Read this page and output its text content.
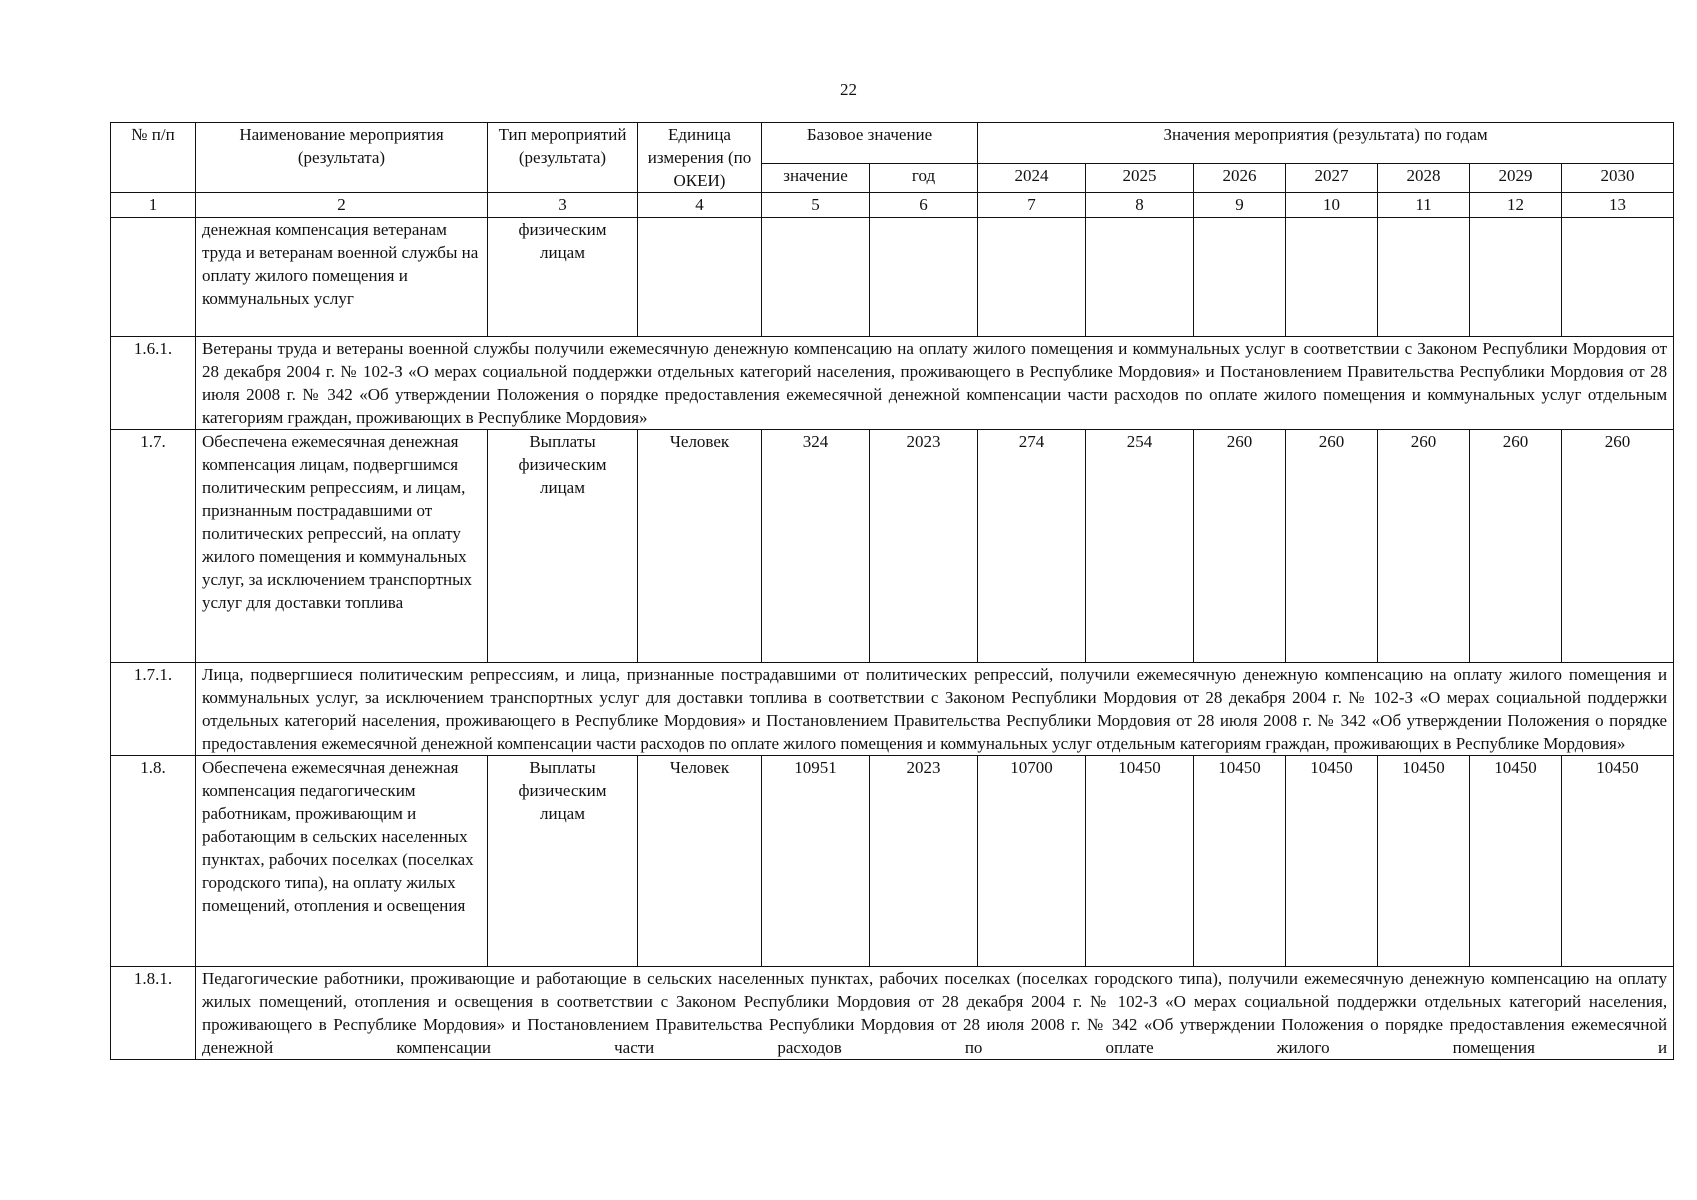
22
№ п/п	Наименование мероприятия (результата)	Тип мероприятий (результата)	Единица измерения (по ОКЕИ)	Базовое значение		Значения мероприятия (результата) по годам						
				значение	год	2024	2025	2026	2027	2028	2029	2030
1	2	3	4	5	6	7	8	9	10	11	12	13
	денежная компенсация ветеранам труда и ветеранам военной службы на оплату жилого помещения и коммунальных услуг	физическим лицам										
1.6.1.	Ветераны труда и ветераны военной службы получили ежемесячную денежную компенсацию на оплату жилого помещения и коммунальных услуг в соответствии с Законом Республики Мордовия от 28 декабря 2004 г. № 102-З «О мерах социальной поддержки отдельных категорий населения, проживающего в Республике Мордовия» и Постановлением Правительства Республики Мордовия от 28 июля 2008 г. № 342 «Об утверждении Положения о порядке предоставления ежемесячной денежной компенсации части расходов по оплате жилого помещения и коммунальных услуг отдельным категориям граждан, проживающих в Республике Мордовия»											
1.7.	Обеспечена ежемесячная денежная компенсация лицам, подвергшимся политическим репрессиям, и лицам, признанным пострадавшими от политических репрессий, на оплату жилого помещения и коммунальных услуг, за исключением транспортных услуг для доставки топлива	Выплаты физическим лицам	Человек	324	2023	274	254	260	260	260	260	260
1.7.1.	Лица, подвергшиеся политическим репрессиям, и лица, признанные пострадавшими от политических репрессий, получили ежемесячную денежную компенсацию на оплату жилого помещения и коммунальных услуг, за исключением транспортных услуг для доставки топлива в соответствии с Законом Республики Мордовия от 28 декабря 2004 г. № 102-З «О мерах социальной поддержки отдельных категорий населения, проживающего в Республике Мордовия» и Постановлением Правительства Республики Мордовия от 28 июля 2008 г. № 342 «Об утверждении Положения о порядке предоставления ежемесячной денежной компенсации части расходов по оплате жилого помещения и коммунальных услуг отдельным категориям граждан, проживающих в Республике Мордовия»											
1.8.	Обеспечена ежемесячная денежная компенсация педагогическим работникам, проживающим и работающим в сельских населенных пунктах, рабочих поселках (поселках городского типа), на оплату жилых помещений, отопления и освещения	Выплаты физическим лицам	Человек	10951	2023	10700	10450	10450	10450	10450	10450	10450
1.8.1.	Педагогические работники, проживающие и работающие в сельских населенных пунктах, рабочих поселках (поселках городского типа), получили ежемесячную денежную компенсацию на оплату жилых помещений, отопления и освещения в соответствии с Законом Республики Мордовия от 28 декабря 2004 г. № 102-З «О мерах социальной поддержки отдельных категорий населения, проживающего в Республике Мордовия» и Постановлением Правительства Республики Мордовия от 28 июля 2008 г. № 342 «Об утверждении Положения о порядке предоставления ежемесячной денежной компенсации части расходов по оплате жилого помещения и											
